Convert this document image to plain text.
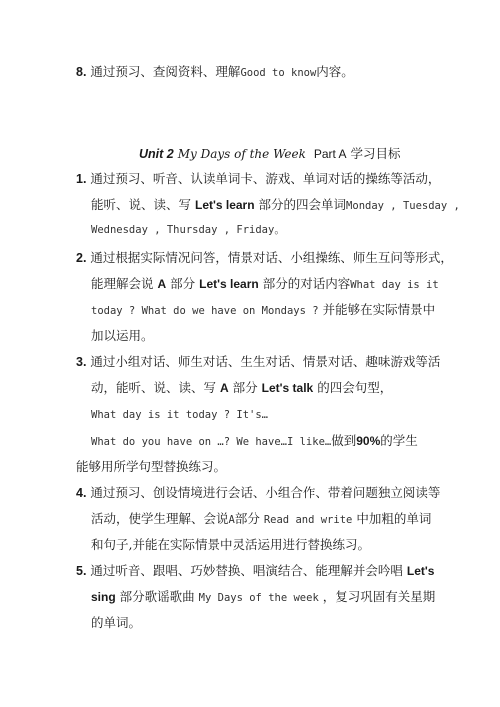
8. 通过预习、查阅资料、理解Good to know内容。
Unit 2 My Days of the Week Part A 学习目标
1. 通过预习、听音、认读单词卡、游戏、单词对话的操练等活动，
能听、说、读、写 Let's learn 部分的四会单词Monday , Tuesday ,
Wednesday , Thursday , Friday。
2. 通过根据实际情况问答，情景对话、小组操练、师生互问等形式，
能理解会说 A 部分 Let's learn 部分的对话内容What day is it
today ? What do we have on Mondays ? 并能够在实际情景中
加以运用。
3. 通过小组对话、师生对话、生生对话、情景对话、趣味游戏等活
动，能听、说、读、写 A 部分 Let's talk 的四会句型，
What day is it today ? It's…
What do you have on …? We have…I like…做到90%的学生
能够用所学句型替换练习。
4. 通过预习、创设情境进行会话、小组合作、带着问题独立阅读等
活动，使学生理解、会说A部分 Read and write 中加粗的单词
和句子,并能在实际情景中灵活运用进行替换练习。
5. 通过听音、跟唱、巧妙替换、唱演结合、能理解并会吟唱 Let's
sing 部分歌谣歌曲 My Days of the week ，复习巩固有关星期
的单词。
